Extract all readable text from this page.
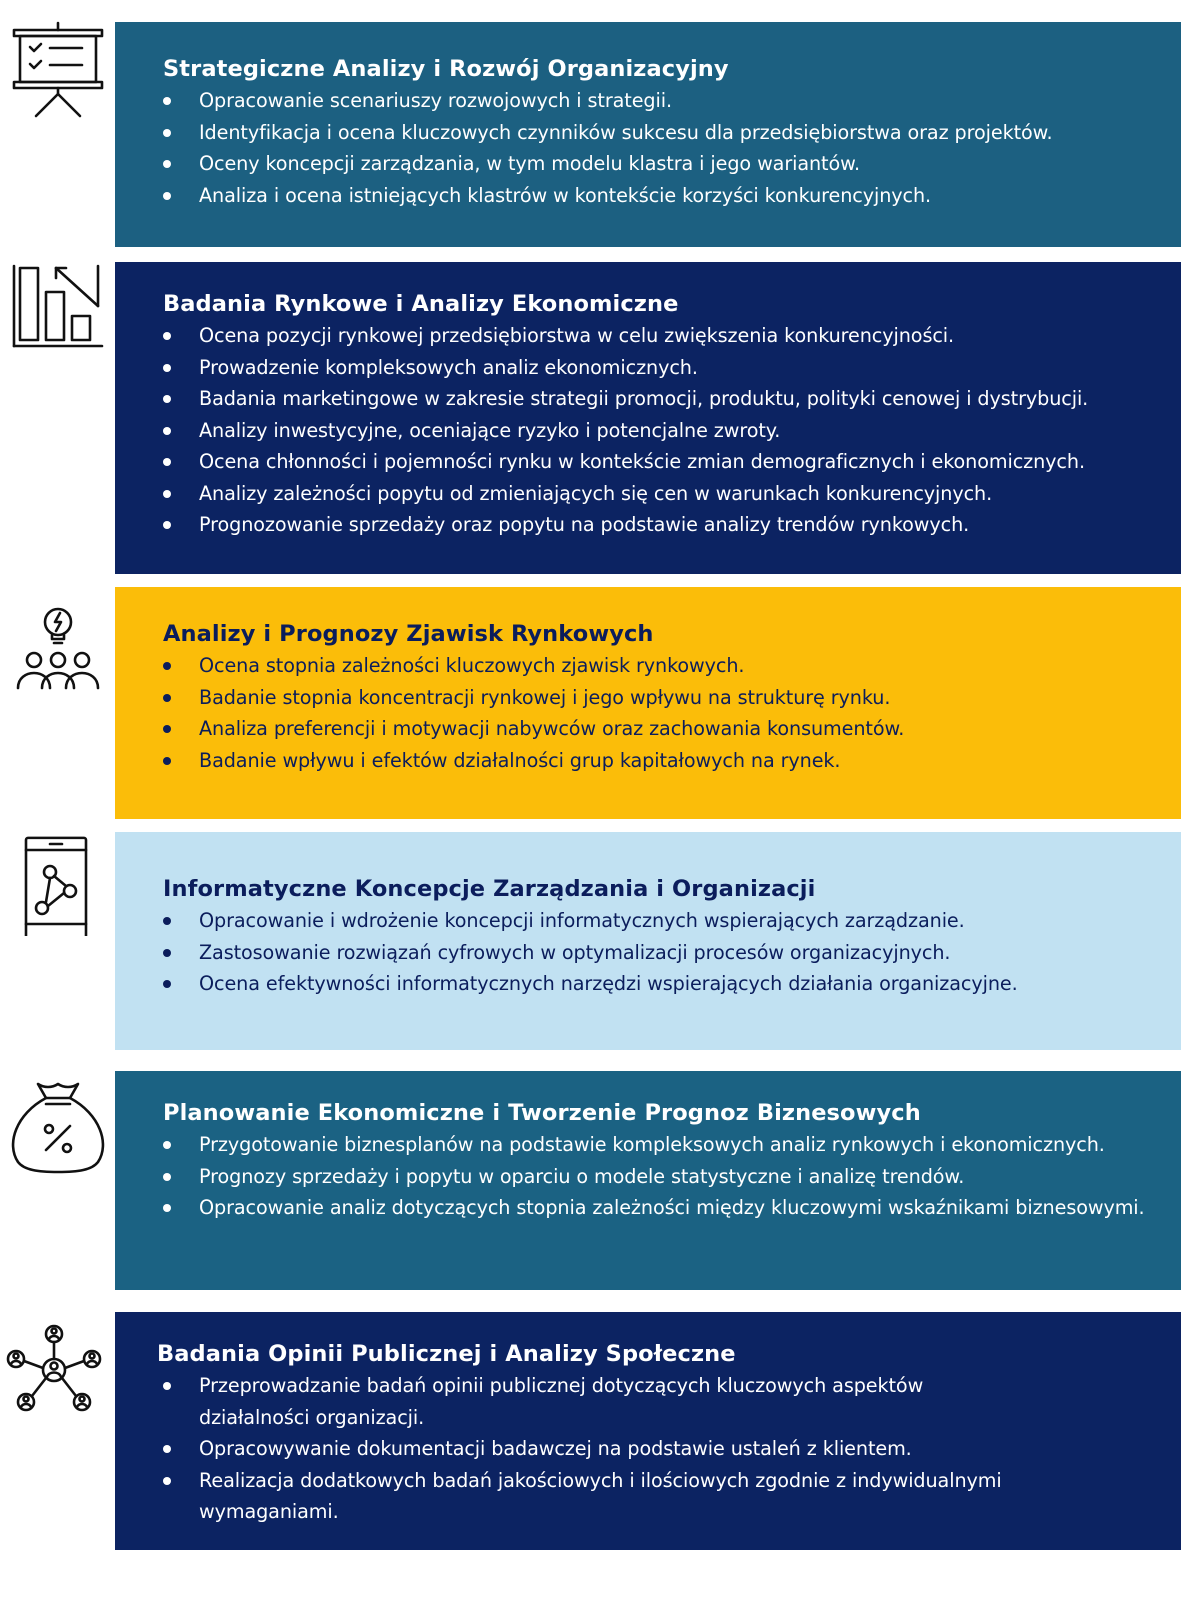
Strategiczne Analizy i Rozwój Organizacyjny
Opracowanie scenariuszy rozwojowych i strategii.
Identyfikacja i ocena kluczowych czynników sukcesu dla przedsiębiorstwa oraz projektów.
Oceny koncepcji zarządzania, w tym modelu klastra i jego wariantów.
Analiza i ocena istniejących klastrów w kontekście korzyści konkurencyjnych.
Badania Rynkowe i Analizy Ekonomiczne
Ocena pozycji rynkowej przedsiębiorstwa w celu zwiększenia konkurencyjności.
Prowadzenie kompleksowych analiz ekonomicznych.
Badania marketingowe w zakresie strategii promocji, produktu, polityki cenowej i dystrybucji.
Analizy inwestycyjne, oceniające ryzyko i potencjalne zwroty.
Ocena chłonności i pojemności rynku w kontekście zmian demograficznych i ekonomicznych.
Analizy zależności popytu od zmieniających się cen w warunkach konkurencyjnych.
Prognozowanie sprzedaży oraz popytu na podstawie analizy trendów rynkowych.
Analizy i Prognozy Zjawisk Rynkowych
Ocena stopnia zależności kluczowych zjawisk rynkowych.
Badanie stopnia koncentracji rynkowej i jego wpływu na strukturę rynku.
Analiza preferencji i motywacji nabywców oraz zachowania konsumentów.
Badanie wpływu i efektów działalności grup kapitałowych na rynek.
Informatyczne Koncepcje Zarządzania i Organizacji
Opracowanie i wdrożenie koncepcji informatycznych wspierających zarządzanie.
Zastosowanie rozwiązań cyfrowych w optymalizacji procesów organizacyjnych.
Ocena efektywności informatycznych narzędzi wspierających działania organizacyjne.
Planowanie Ekonomiczne i Tworzenie Prognoz Biznesowych
Przygotowanie biznesplanów na podstawie kompleksowych analiz rynkowych i ekonomicznych.
Prognozy sprzedaży i popytu w oparciu o modele statystyczne i analizę trendów.
Opracowanie analiz dotyczących stopnia zależności między kluczowymi wskaźnikami biznesowymi.
Badania Opinii Publicznej i Analizy Społeczne
Przeprowadzanie badań opinii publicznej dotyczących kluczowych aspektów działalności organizacji.
Opracowywanie dokumentacji badawczej na podstawie ustaleń z klientem.
Realizacja dodatkowych badań jakościowych i ilościowych zgodnie z indywidualnymi wymaganiami.
